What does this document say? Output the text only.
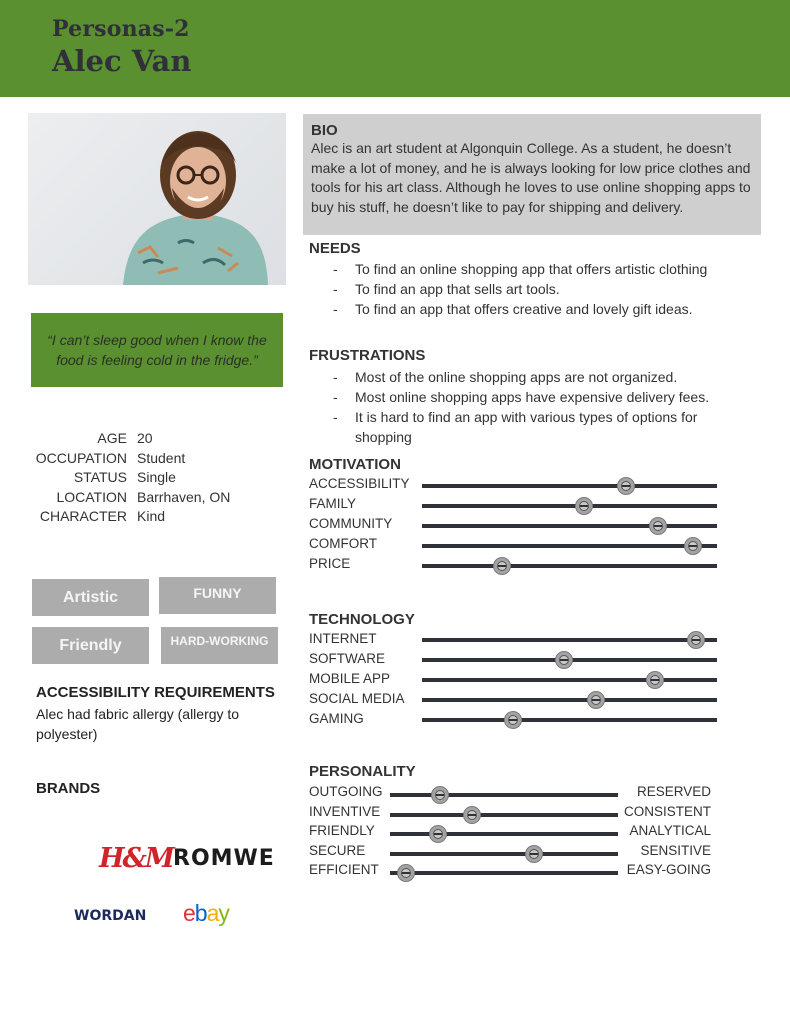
Personas-2
Alec Van
“I can’t sleep good when I know the food is feeling cold in the fridge.”
AGE 20
OCCUPATION Student
STATUS Single
LOCATION Barrhaven, ON
CHARACTER Kind
Artistic	FUNNY
Friendly	HARD-WORKING
ACCESSIBILITY REQUIREMENTS
Alec had fabric allergy (allergy to polyester)
BRANDS
H&M ROMWE
WORDAN ebay
BIO
Alec is an art student at Algonquin College. As a student, he doesn’t make a lot of money, and he is always looking for low price clothes and tools for his art class. Although he loves to use online shopping apps to buy his stuff, he doesn’t like to pay for shipping and delivery.
NEEDS
-	To find an online shopping app that offers artistic clothing
-	To find an app that sells art tools.
-	To find an app that offers creative and lovely gift ideas.
FRUSTRATIONS
-	Most of the online shopping apps are not organized.
-	Most online shopping apps have expensive delivery fees.
-	It is hard to find an app with various types of options for shopping
MOTIVATION
ACCESSIBILITY
FAMILY
COMMUNITY
COMFORT
PRICE
TECHNOLOGY
INTERNET
SOFTWARE
MOBILE APP
SOCIAL MEDIA
GAMING
PERSONALITY
OUTGOING	RESERVED
INVENTIVE	CONSISTENT
FRIENDLY	ANALYTICAL
SECURE	SENSITIVE
EFFICIENT	EASY-GOING
